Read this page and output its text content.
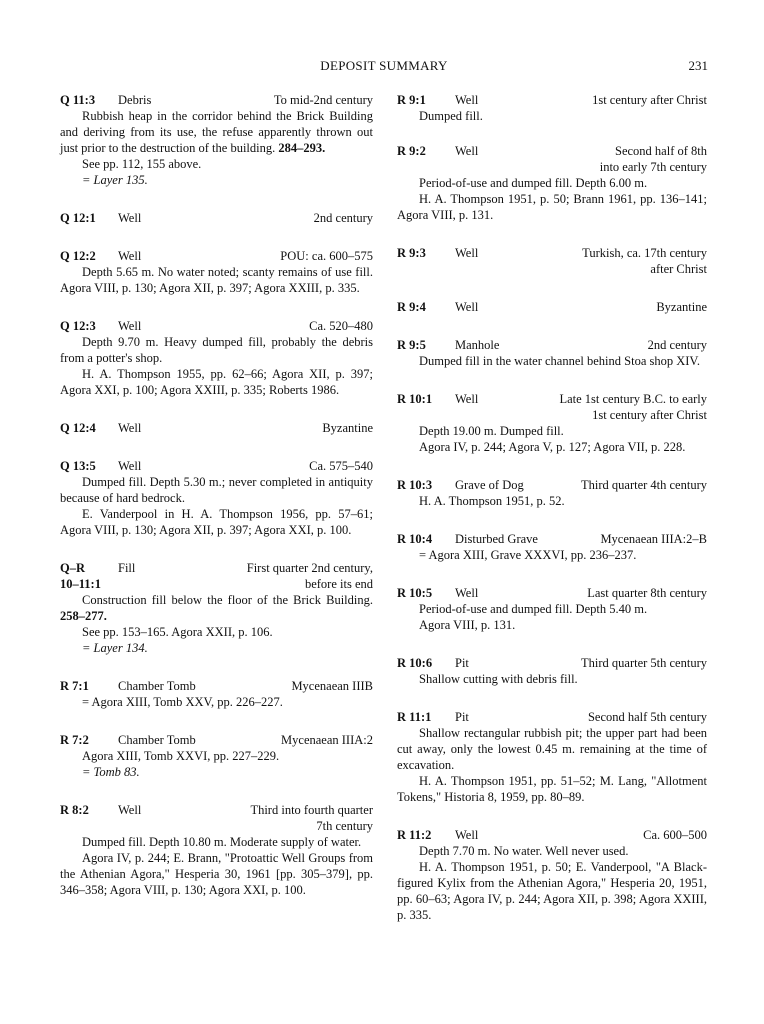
DEPOSIT SUMMARY	231
Q 11:3	Debris	To mid-2nd century
Rubbish heap in the corridor behind the Brick Building and deriving from its use, the refuse apparently thrown out just prior to the destruction of the building. 284–293.
See pp. 112, 155 above.
= Layer 135.
Q 12:1	Well	2nd century
Q 12:2	Well	POU: ca. 600–575
Depth 5.65 m. No water noted; scanty remains of use fill. Agora VIII, p. 130; Agora XII, p. 397; Agora XXIII, p. 335.
Q 12:3	Well	Ca. 520–480
Depth 9.70 m. Heavy dumped fill, probably the debris from a potter's shop.
H. A. Thompson 1955, pp. 62–66; Agora XII, p. 397; Agora XXI, p. 100; Agora XXIII, p. 335; Roberts 1986.
Q 12:4	Well	Byzantine
Q 13:5	Well	Ca. 575–540
Dumped fill. Depth 5.30 m.; never completed in antiquity because of hard bedrock.
E. Vanderpool in H. A. Thompson 1956, pp. 57–61; Agora VIII, p. 130; Agora XII, p. 397; Agora XXI, p. 100.
Q–R	Fill	First quarter 2nd century,
10–11:1	before its end
Construction fill below the floor of the Brick Building. 258–277.
See pp. 153–165. Agora XXII, p. 106.
= Layer 134.
R 7:1	Chamber Tomb	Mycenaean IIIB
= Agora XIII, Tomb XXV, pp. 226–227.
R 7:2	Chamber Tomb	Mycenaean IIIA:2
Agora XIII, Tomb XXVI, pp. 227–229.
= Tomb 83.
R 8:2	Well	Third into fourth quarter
7th century
Dumped fill. Depth 10.80 m. Moderate supply of water.
Agora IV, p. 244; E. Brann, "Protoattic Well Groups from the Athenian Agora," Hesperia 30, 1961 [pp. 305–379], pp. 346–358; Agora VIII, p. 130; Agora XXI, p. 100.
R 9:1	Well	1st century after Christ
Dumped fill.
R 9:2	Well	Second half of 8th
into early 7th century
Period-of-use and dumped fill. Depth 6.00 m.
H. A. Thompson 1951, p. 50; Brann 1961, pp. 136–141; Agora VIII, p. 131.
R 9:3	Well	Turkish, ca. 17th century
after Christ
R 9:4	Well	Byzantine
R 9:5	Manhole	2nd century
Dumped fill in the water channel behind Stoa shop XIV.
R 10:1	Well	Late 1st century B.C. to early
1st century after Christ
Depth 19.00 m. Dumped fill.
Agora IV, p. 244; Agora V, p. 127; Agora VII, p. 228.
R 10:3	Grave of Dog	Third quarter 4th century
H. A. Thompson 1951, p. 52.
R 10:4	Disturbed Grave	Mycenaean IIIA:2–B
= Agora XIII, Grave XXXVI, pp. 236–237.
R 10:5	Well	Last quarter 8th century
Period-of-use and dumped fill. Depth 5.40 m.
Agora VIII, p. 131.
R 10:6	Pit	Third quarter 5th century
Shallow cutting with debris fill.
R 11:1	Pit	Second half 5th century
Shallow rectangular rubbish pit; the upper part had been cut away, only the lowest 0.45 m. remaining at the time of excavation.
H. A. Thompson 1951, pp. 51–52; M. Lang, "Allotment Tokens," Historia 8, 1959, pp. 80–89.
R 11:2	Well	Ca. 600–500
Depth 7.70 m. No water. Well never used.
H. A. Thompson 1951, p. 50; E. Vanderpool, "A Black-figured Kylix from the Athenian Agora," Hesperia 20, 1951, pp. 60–63; Agora IV, p. 244; Agora XII, p. 398; Agora XXIII, p. 335.
